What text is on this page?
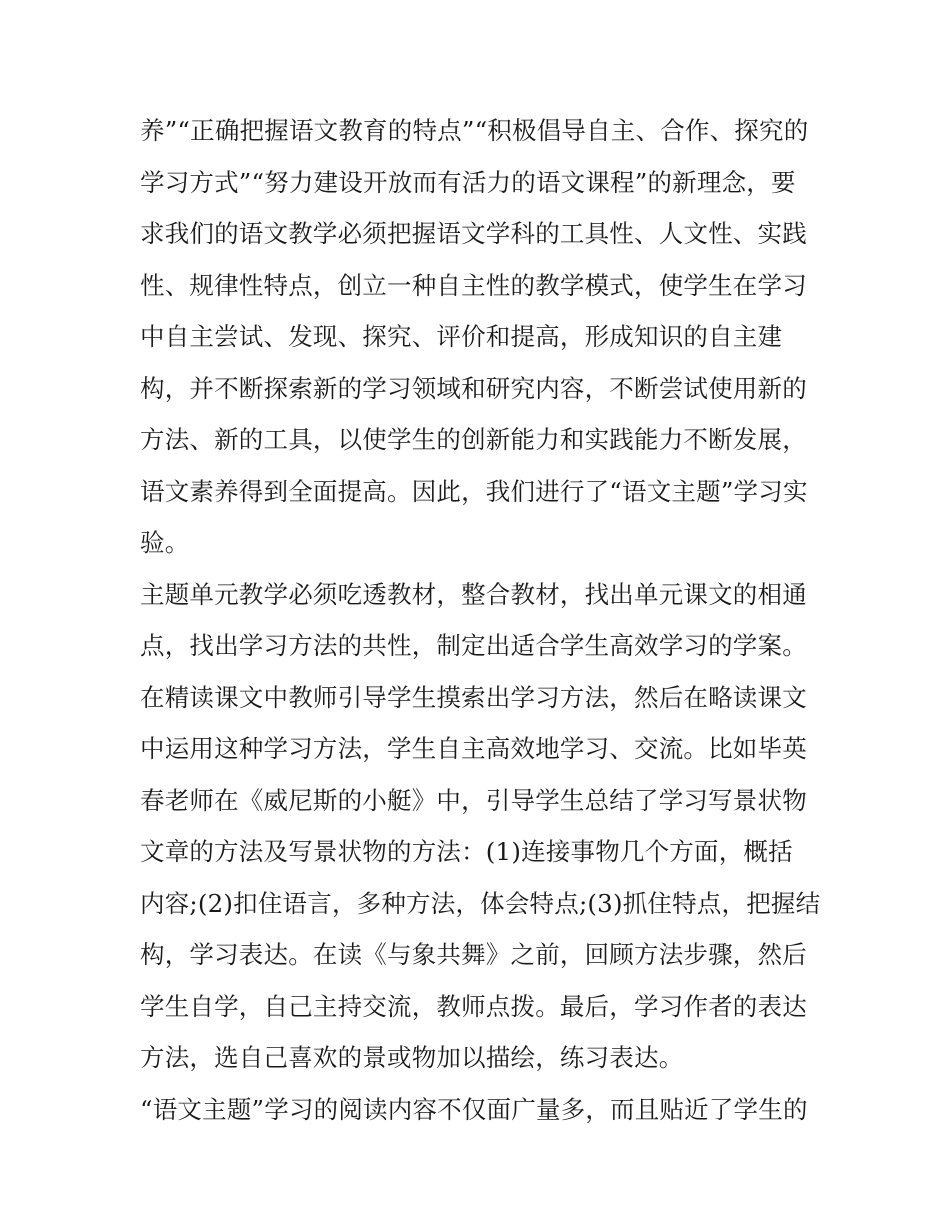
养”“正确把握语文教育的特点”“积极倡导自主、合作、探究的
学习方式”“努力建设开放而有活力的语文课程”的新理念，要
求我们的语文教学必须把握语文学科的工具性、人文性、实践
性、规律性特点，创立一种自主性的教学模式，使学生在学习
中自主尝试、发现、探究、评价和提高，形成知识的自主建
构，并不断探索新的学习领域和研究内容，不断尝试使用新的
方法、新的工具，以使学生的创新能力和实践能力不断发展，
语文素养得到全面提高。因此，我们进行了“语文主题”学习实
验。
主题单元教学必须吃透教材，整合教材，找出单元课文的相通
点，找出学习方法的共性，制定出适合学生高效学习的学案。
在精读课文中教师引导学生摸索出学习方法，然后在略读课文
中运用这种学习方法，学生自主高效地学习、交流。比如毕英
春老师在《威尼斯的小艇》中，引导学生总结了学习写景状物
文章的方法及写景状物的方法：(1)连接事物几个方面，概括
内容;(2)扣住语言，多种方法，体会特点;(3)抓住特点，把握结
构，学习表达。在读《与象共舞》之前，回顾方法步骤，然后
学生自学，自己主持交流，教师点拨。最后，学习作者的表达
方法，选自己喜欢的景或物加以描绘，练习表达。
“语文主题”学习的阅读内容不仅面广量多，而且贴近了学生的
